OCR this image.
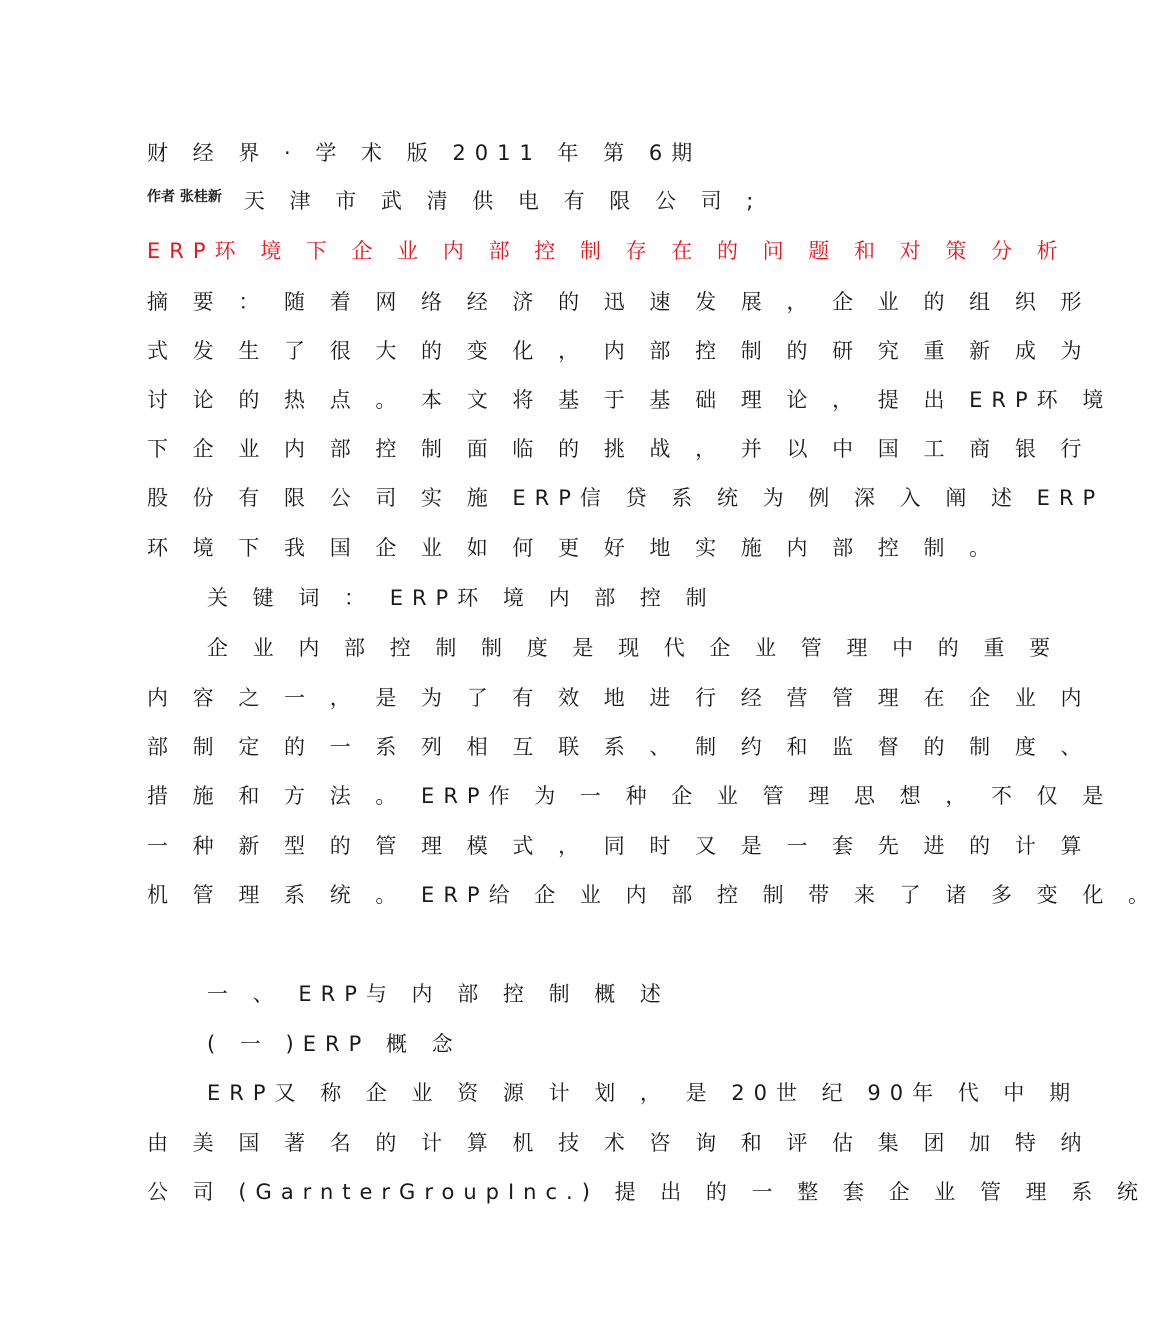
财 经 界 · 学 术 版 2011 年 第 6期
作者 张桂新 天 津 市 武 清 供 电 有 限 公 司 ;
ERP环 境 下 企 业 内 部 控 制 存 在 的 问 题 和 对 策 分 析
摘 要 ： 随 着 网 络 经 济 的 迅 速 发 展 ， 企 业 的 组 织 形
式 发 生 了 很 大 的 变 化 ， 内 部 控 制 的 研 究 重 新 成 为
讨 论 的 热 点 。 本 文 将 基 于 基 础 理 论 ， 提 出 ERP环 境
下 企 业 内 部 控 制 面 临 的 挑 战 ， 并 以 中 国 工 商 银 行
股 份 有 限 公 司 实 施 ERP信 贷 系 统 为 例 深 入 阐 述 ERP
环 境 下 我 国 企 业 如 何 更 好 地 实 施 内 部 控 制 。
关 键 词 ： ERP环 境 内 部 控 制
企 业 内 部 控 制 制 度 是 现 代 企 业 管 理 中 的 重 要
内 容 之 一 ， 是 为 了 有 效 地 进 行 经 营 管 理 在 企 业 内
部 制 定 的 一 系 列 相 互 联 系 、 制 约 和 监 督 的 制 度 、
措 施 和 方 法 。 ERP作 为 一 种 企 业 管 理 思 想 ， 不 仅 是
一 种 新 型 的 管 理 模 式 ， 同 时 又 是 一 套 先 进 的 计 算
机 管 理 系 统 。 ERP给 企 业 内 部 控 制 带 来 了 诸 多 变 化 。
一 、 ERP与 内 部 控 制 概 述
( 一 )ERP 概 念
ERP又 称 企 业 资 源 计 划 ， 是 20世 纪 90年 代 中 期
由 美 国 著 名 的 计 算 机 技 术 咨 询 和 评 估 集 团 加 特 纳
公 司 (GarnterGroupInc.) 提 出 的 一 整 套 企 业 管 理 系 统
